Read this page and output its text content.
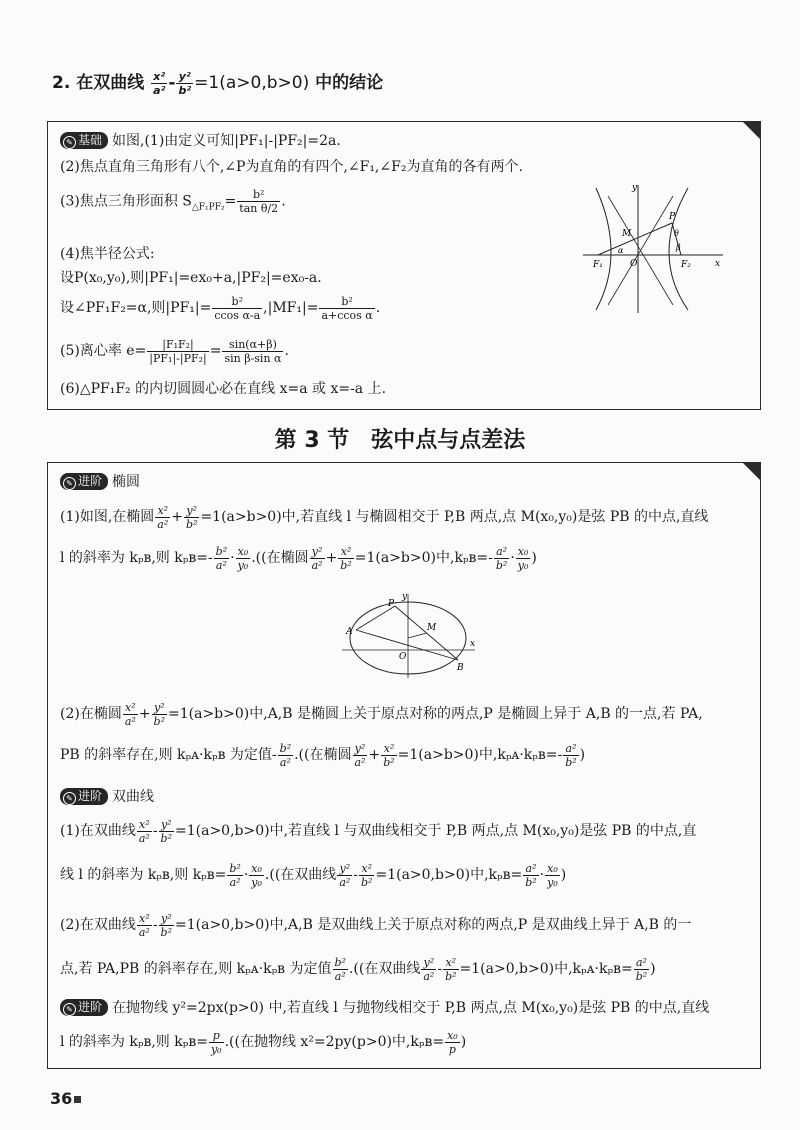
2. 在双曲线 $\frac{\text{x²}}{\text{a²}} - \frac{\text{y²}}{\text{b²}} =1(a>0,b>0)$ 中的结论
✎ 基础 如图,(1)由定义可知|PF₁|-|PF₂|=2a.
(2)焦点直角三角形有八个,∠P为直角的有四个,∠F₁,∠F₂为直角的各有两个.
(3)焦点三角形面积 $S_{\triangle F_1PF_2}= \frac{\text{b²}}{\text{tan θ/2}}$ .
(4)焦半径公式:
设P(x₀,y₀),则|PF₁|=ex₀+a,|PF₂|=ex₀-a.
设∠PF₁F₂=α,则$|PF_1|= \frac{\text{b²}}{\text{ccos α-a}} ,|MF_1|= \frac{\text{b²}}{\text{a+ccos α}}$ .
(5)离心率 $e= \frac{\text{|F₁F₂|}}{\text{|PF₁|-|PF₂|}} = \frac{\sin(\alpha+\beta)}{\text{sin β-sin α}}$ .
(6)△PF₁F₂ 的内切圆圆心必在直线 x=a 或 x=-a 上.
y
x
O
F₁	F₂
P
M
α
θ
β
第 3 节　弦中点与点差法
✎ 进阶 椭圆
(1)如图,在椭圆 $\frac{\text{x²}}{\text{a²}} + \frac{\text{y²}}{\text{b²}} =1(a>b>0)$中,若直线 l 与椭圆相交于 P,B 两点,点 M(x₀,y₀)是弦 PB 的中点,直线
l 的斜率为 kₚʙ,则 kₚʙ=- $\frac{\text{b²}}{\text{a²}} \cdot \frac{\text{x₀}}{\text{y₀}}$ .((在椭圆 $\frac{\text{y²}}{\text{a²}} + \frac{\text{x²}}{\text{b²}} =1(a>b>0)$中,kₚʙ=- $\frac{\text{a²}}{\text{b²}} \cdot \frac{\text{x₀}}{\text{y₀}}$ )
y
x
P
A	M
O
B
(2)在椭圆 $\frac{\text{x²}}{\text{a²}} + \frac{\text{y²}}{\text{b²}} =1(a>b>0)$中,A,B 是椭圆上关于原点对称的两点,P 是椭圆上异于 A,B 的一点,若 PA,
PB 的斜率存在,则 kₚᴀ·kₚʙ 为定值- $\frac{\text{b²}}{\text{a²}}$ .((在椭圆 $\frac{\text{y²}}{\text{a²}} + \frac{\text{x²}}{\text{b²}} =1(a>b>0)$中,kₚᴀ·kₚʙ=- $\frac{\text{a²}}{\text{b²}}$ )
✎ 进阶 双曲线
(1)在双曲线 $\frac{\text{x²}}{\text{a²}} - \frac{\text{y²}}{\text{b²}} =1(a>0,b>0)$中,若直线 l 与双曲线相交于 P,B 两点,点 M(x₀,y₀)是弦 PB 的中点,直
线 l 的斜率为 kₚʙ,则 kₚʙ= $\frac{\text{b²}}{\text{a²}} \cdot \frac{\text{x₀}}{\text{y₀}}$ .((在双曲线 $\frac{\text{y²}}{\text{a²}} - \frac{\text{x²}}{\text{b²}} =1(a>0,b>0)$中,kₚʙ= $\frac{\text{a²}}{\text{b²}} \cdot \frac{\text{x₀}}{\text{y₀}}$ )
(2)在双曲线 $\frac{\text{x²}}{\text{a²}} - \frac{\text{y²}}{\text{b²}} =1(a>0,b>0)$中,A,B 是双曲线上关于原点对称的两点,P 是双曲线上异于 A,B 的一
点,若 PA,PB 的斜率存在,则 kₚᴀ·kₚʙ 为定值 $\frac{\text{b²}}{\text{a²}}$ .((在双曲线 $\frac{\text{y²}}{\text{a²}} - \frac{\text{x²}}{\text{b²}} =1(a>0,b>0)$中,kₚᴀ·kₚʙ= $\frac{\text{a²}}{\text{b²}}$ )
✎ 进阶 在抛物线 y²=2px(p>0) 中,若直线 l 与抛物线相交于 P,B 两点,点 M(x₀,y₀)是弦 PB 的中点,直线
l 的斜率为 kₚʙ,则 kₚʙ= $\frac{p}{\text{y₀}}$ .((在抛物线 x²=2py(p>0)中,kₚʙ= $\frac{\text{x₀}}{p}$ )
36
